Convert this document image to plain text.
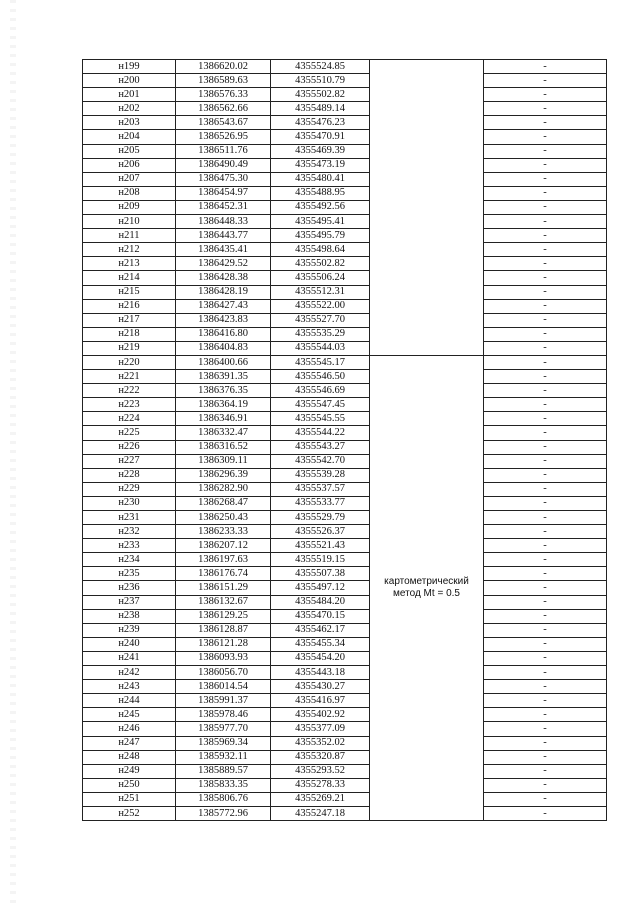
н199	1386620.02	4355524.85		-
н200	1386589.63	4355510.79		-
н201	1386576.33	4355502.82		-
н202	1386562.66	4355489.14		-
н203	1386543.67	4355476.23		-
н204	1386526.95	4355470.91		-
н205	1386511.76	4355469.39		-
н206	1386490.49	4355473.19		-
н207	1386475.30	4355480.41		-
н208	1386454.97	4355488.95		-
н209	1386452.31	4355492.56		-
н210	1386448.33	4355495.41		-
н211	1386443.77	4355495.79		-
н212	1386435.41	4355498.64		-
н213	1386429.52	4355502.82		-
н214	1386428.38	4355506.24		-
н215	1386428.19	4355512.31		-
н216	1386427.43	4355522.00		-
н217	1386423.83	4355527.70		-
н218	1386416.80	4355535.29		-
н219	1386404.83	4355544.03		-
н220	1386400.66	4355545.17	картометрический
метод Mt = 0.5	-
н221	1386391.35	4355546.50		-
н222	1386376.35	4355546.69		-
н223	1386364.19	4355547.45		-
н224	1386346.91	4355545.55		-
н225	1386332.47	4355544.22		-
н226	1386316.52	4355543.27		-
н227	1386309.11	4355542.70		-
н228	1386296.39	4355539.28		-
н229	1386282.90	4355537.57		-
н230	1386268.47	4355533.77		-
н231	1386250.43	4355529.79		-
н232	1386233.33	4355526.37		-
н233	1386207.12	4355521.43		-
н234	1386197.63	4355519.15		-
н235	1386176.74	4355507.38		-
н236	1386151.29	4355497.12		-
н237	1386132.67	4355484.20		-
н238	1386129.25	4355470.15		-
н239	1386128.87	4355462.17		-
н240	1386121.28	4355455.34		-
н241	1386093.93	4355454.20		-
н242	1386056.70	4355443.18		-
н243	1386014.54	4355430.27		-
н244	1385991.37	4355416.97		-
н245	1385978.46	4355402.92		-
н246	1385977.70	4355377.09		-
н247	1385969.34	4355352.02		-
н248	1385932.11	4355320.87		-
н249	1385889.57	4355293.52		-
н250	1385833.35	4355278.33		-
н251	1385806.76	4355269.21		-
н252	1385772.96	4355247.18		-
